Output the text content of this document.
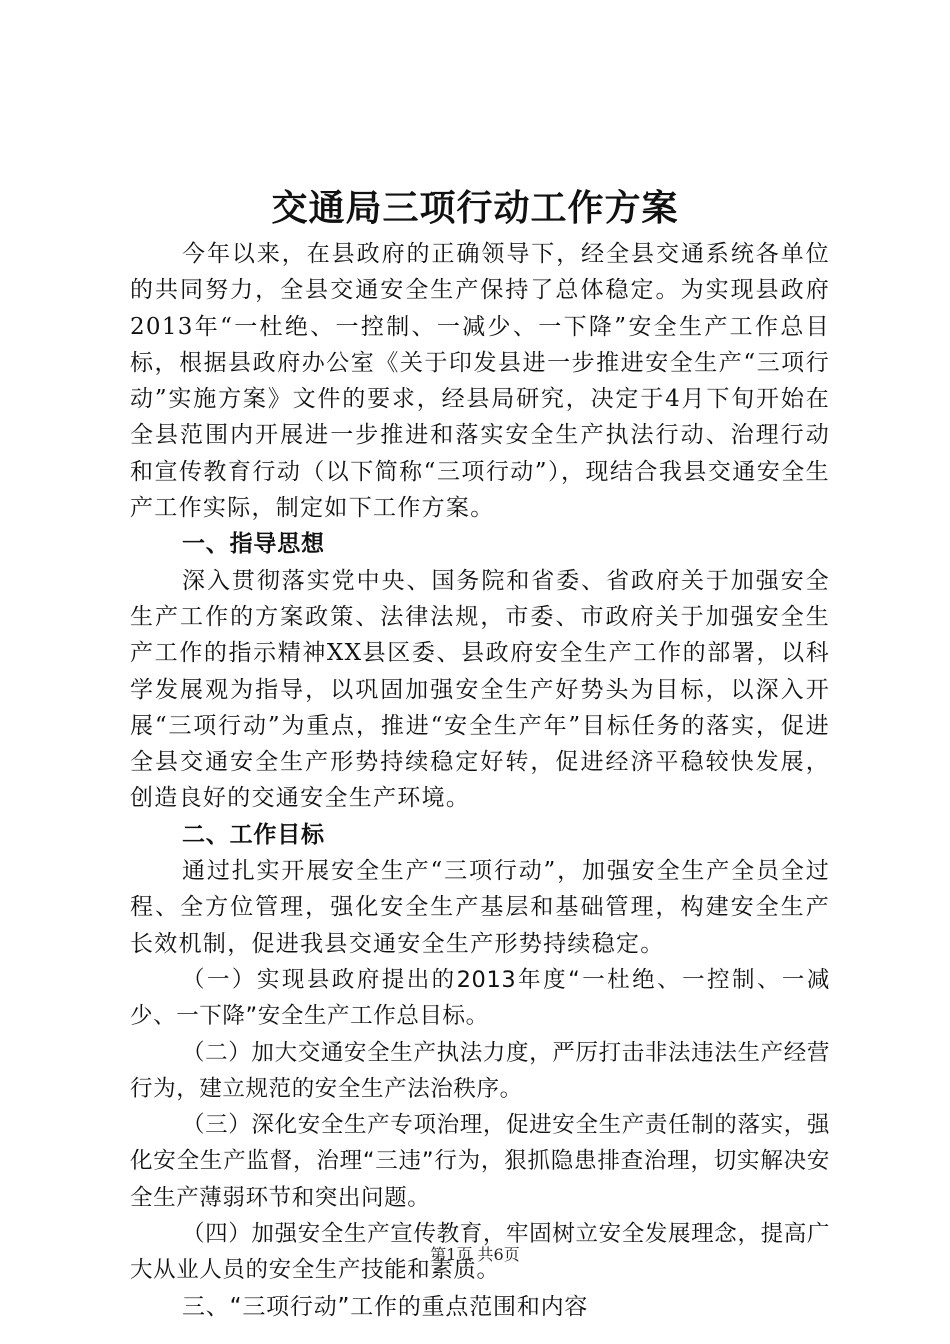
交通局三项行动工作方案

今年以来，在县政府的正确领导下，经全县交通系统各单位的共同努力，全县交通安全生产保持了总体稳定。为实现县政府2013年“一杜绝、一控制、一减少、一下降”安全生产工作总目标，根据县政府办公室《关于印发县进一步推进安全生产“三项行动”实施方案》文件的要求，经县局研究，决定于4月下旬开始在全县范围内开展进一步推进和落实安全生产执法行动、治理行动和宣传教育行动（以下简称“三项行动”），现结合我县交通安全生产工作实际，制定如下工作方案。

一、指导思想

深入贯彻落实党中央、国务院和省委、省政府关于加强安全生产工作的方案政策、法律法规，市委、市政府关于加强安全生产工作的指示精神XX县区委、县政府安全生产工作的部署，以科学发展观为指导，以巩固加强安全生产好势头为目标，以深入开展“三项行动”为重点，推进“安全生产年”目标任务的落实，促进全县交通安全生产形势持续稳定好转，促进经济平稳较快发展，创造良好的交通安全生产环境。

二、工作目标

通过扎实开展安全生产“三项行动”，加强安全生产全员全过程、全方位管理，强化安全生产基层和基础管理，构建安全生产长效机制，促进我县交通安全生产形势持续稳定。

（一）实现县政府提出的2013年度“一杜绝、一控制、一减少、一下降”安全生产工作总目标。

（二）加大交通安全生产执法力度，严厉打击非法违法生产经营行为，建立规范的安全生产法治秩序。

（三）深化安全生产专项治理，促进安全生产责任制的落实，强化安全生产监督，治理“三违”行为，狠抓隐患排查治理，切实解决安全生产薄弱环节和突出问题。

（四）加强安全生产宣传教育，牢固树立安全发展理念，提高广大从业人员的安全生产技能和素质。

三、“三项行动”工作的重点范围和内容

第1页 共6页
